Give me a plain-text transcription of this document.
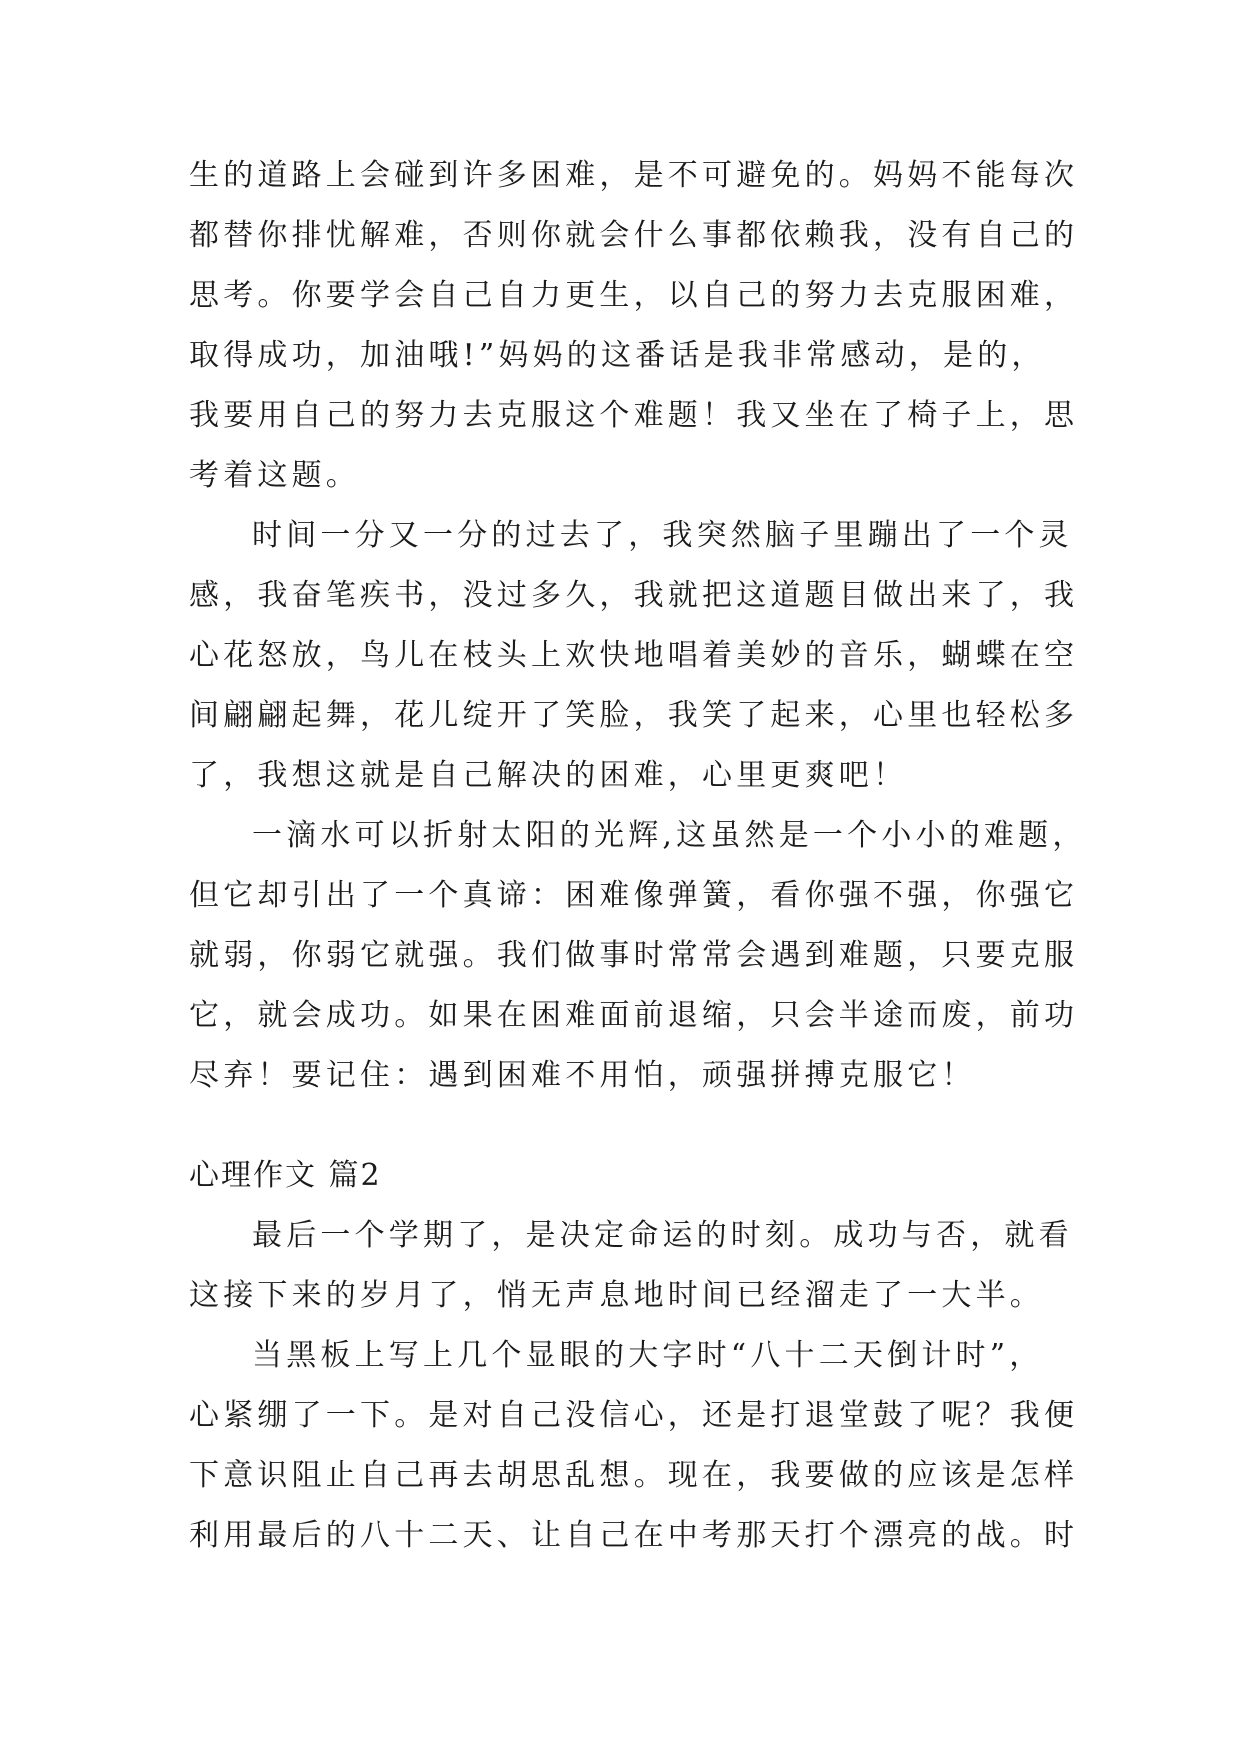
生的道路上会碰到许多困难，是不可避免的。妈妈不能每次
都替你排忧解难，否则你就会什么事都依赖我，没有自己的
思考。你要学会自己自力更生，以自己的努力去克服困难，
取得成功，加油哦!”妈妈的这番话是我非常感动，是的，
我要用自己的努力去克服这个难题！我又坐在了椅子上，思
考着这题。
时间一分又一分的过去了，我突然脑子里蹦出了一个灵
感，我奋笔疾书，没过多久，我就把这道题目做出来了，我
心花怒放，鸟儿在枝头上欢快地唱着美妙的音乐，蝴蝶在空
间翩翩起舞，花儿绽开了笑脸，我笑了起来，心里也轻松多
了，我想这就是自己解决的困难，心里更爽吧！
一滴水可以折射太阳的光辉,这虽然是一个小小的难题，
但它却引出了一个真谛：困难像弹簧，看你强不强，你强它
就弱，你弱它就强。我们做事时常常会遇到难题，只要克服
它，就会成功。如果在困难面前退缩，只会半途而废，前功
尽弃！要记住：遇到困难不用怕，顽强拼搏克服它！
心理作文 篇2
最后一个学期了，是决定命运的时刻。成功与否，就看
这接下来的岁月了，悄无声息地时间已经溜走了一大半。
当黑板上写上几个显眼的大字时“八十二天倒计时”，
心紧绷了一下。是对自己没信心，还是打退堂鼓了呢？我便
下意识阻止自己再去胡思乱想。现在，我要做的应该是怎样
利用最后的八十二天、让自己在中考那天打个漂亮的战。时
